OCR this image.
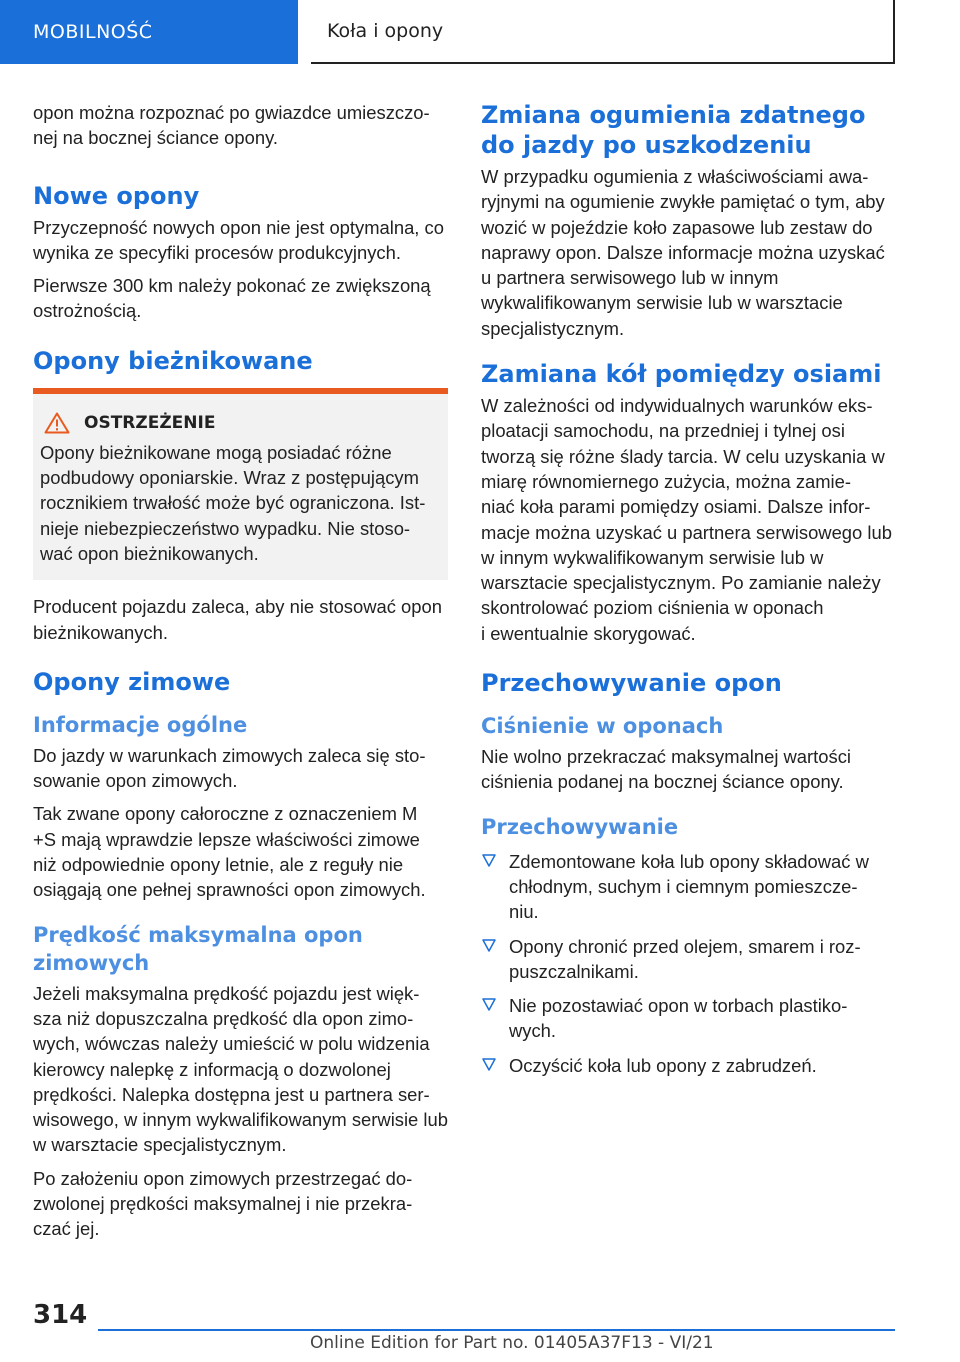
MOBILNOŚĆ	Koła i opony

opon można rozpoznać po gwiazdce umieszczo- nej na bocznej ściance opony.

Nowe opony

Przyczepność nowych opon nie jest optymalna, co wynika ze specyfiki procesów produkcyjnych.

Pierwsze 300 km należy pokonać ze zwiększoną ostrożnością.

Opony bieżnikowane
OSTRZEŻENIE

Opony bieżnikowane mogą posiadać różne podbudowy oponiarskie. Wraz z postępującym rocznikiem trwałość może być ograniczona. Ist-
nieje niebezpieczeństwo wypadku. Nie stoso-
wać opon bieżnikowanych.

Producent pojazdu zaleca, aby nie stosować opon bieżnikowanych.

Opony zimowe
Informacje ogólne

Do jazdy w warunkach zimowych zaleca się sto-
sowanie opon zimowych.

Tak zwane opony całoroczne z oznaczeniem M
+S mają wprawdzie lepsze właściwości zimowe niż odpowiednie opony letnie, ale z reguły nie osiągają one pełnej sprawności opon zimowych.

Prędkość maksymalna opon zimowych

Jeżeli maksymalna prędkość pojazdu jest więk-
sza niż dopuszczalna prędkość dla opon zimo-
wych, wówczas należy umieścić w polu widzenia kierowcy nalepkę z informacją o dozwolonej prędkości. Nalepka dostępna jest u partnera ser-
wisowego, w innym wykwalifikowanym serwisie lub w warsztacie specjalistycznym.

Po założeniu opon zimowych przestrzegać do-
zwolonej prędkości maksymalnej i nie przekra-
czać jej.

Zmiana ogumienia zdatnego do jazdy po uszkodzeniu

W przypadku ogumienia z właściwościami awa-
ryjnymi na ogumienie zwykłe pamiętać o tym, aby wozić w pojeździe koło zapasowe lub zestaw do naprawy opon. Dalsze informacje można uzyskać u partnera serwisowego lub w innym wykwalifikowanym serwisie lub w warsztacie specjalistycznym.

Zamiana kół pomiędzy osiami

W zależności od indywidualnych warunków eks-
ploatacji samochodu, na przedniej i tylnej osi tworzą się różne ślady tarcia. W celu uzyskania w miarę równomiernego zużycia, można zamie-
niać koła parami pomiędzy osiami. Dalsze infor-
macje można uzyskać u partnera serwisowego lub w innym wykwalifikowanym serwisie lub w warsztacie specjalistycznym. Po zamianie należy skontrolować poziom ciśnienia w oponach
i ewentualnie skorygować.

Przechowywanie opon
Ciśnienie w oponach

Nie wolno przekraczać maksymalnej wartości ciśnienia podanej na bocznej ściance opony.

Przechowywanie
Zdemontowane koła lub opony składować w chłodnym, suchym i ciemnym pomieszcze-
niu.
Opony chronić przed olejem, smarem i roz-
puszczalnikami.
Nie pozostawiać opon w torbach plastiko-
wych.
Oczyścić koła lub opony z zabrudzeń.
314
Online Edition for Part no. 01405A37F13 - VI/21
